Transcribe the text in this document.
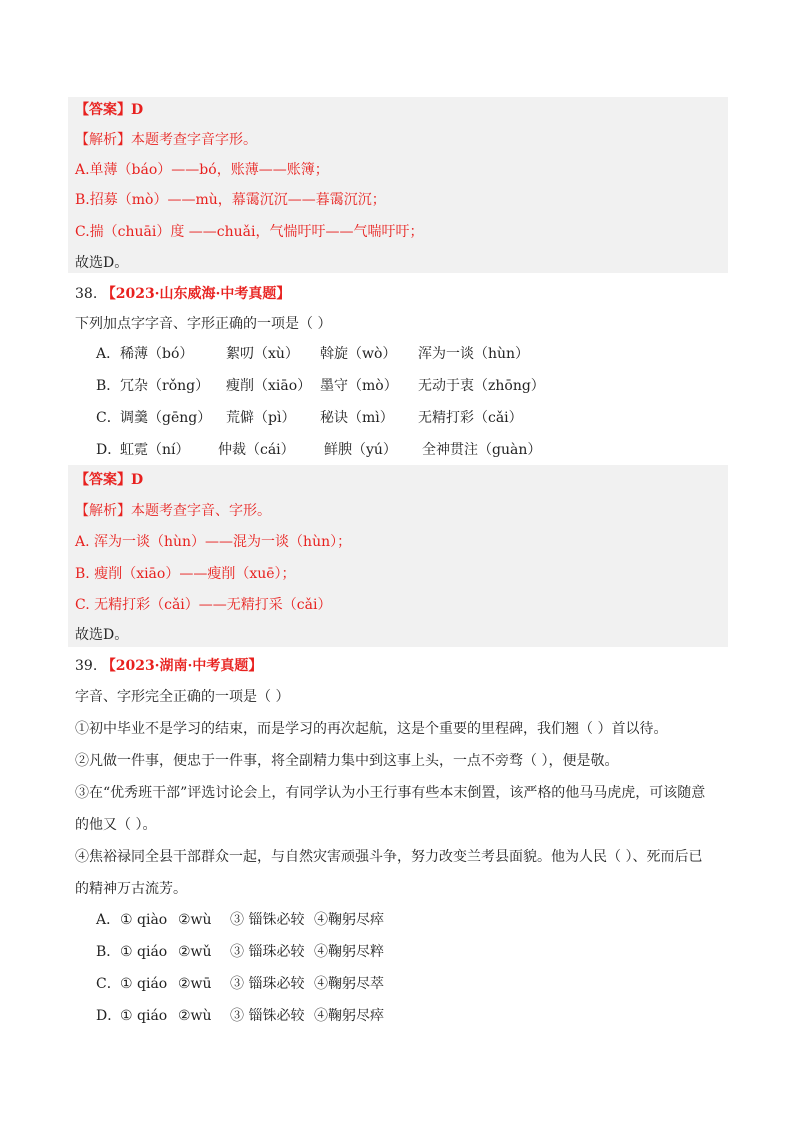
【答案】D
【解析】本题考查字音字形。
A.单薄（báo）——bó，账薄——账簿；
B.招募（mò）——mù，幕霭沉沉——暮霭沉沉；
C.揣（chuāi）度 ——chuǎi，气惴吁吁——气喘吁吁；
故选D。
38. 【2023·山东威海·中考真题】
下列加点字字音、字形正确的一项是（ ）
A． 稀薄（bó） 絮叨（xù） 斡旋（wò） 浑为一谈（hùn）
B． 冗杂（rǒng） 瘦削（xiāo） 墨守（mò） 无动于衷（zhōng）
C． 调羹（gēng） 荒僻（pì） 秘诀（mì） 无精打彩（cǎi）
D．
虹霓（ní） 仲裁（cái） 鲜腴（yú） 全神贯注（guàn）
【答案】D
【解析】本题考查字音、字形。
A. 浑为一谈（hùn）——混为一谈（hùn）；
B. 瘦削（xiāo）——瘦削（xuē）；
C. 无精打彩（cǎi）——无精打采（cǎi）
故选D。
39. 【2023·湖南·中考真题】
字音、字形完全正确的一项是（ ）
①初中毕业不是学习的结束，而是学习的再次起航，这是个重要的里程碑，我们翘（ ）首以待。
②凡做一件事，便忠于一件事，将全副精力集中到这事上头，一点不旁骛（ ），便是敬。
③在“优秀班干部”评选讨论会上，有同学认为小王行事有些本末倒置，该严格的他马马虎虎，可该随意
的他又（ ）。
④焦裕禄同全县干部群众一起，与自然灾害顽强斗争，努力改变兰考县面貌。他为人民（ ）、死而后已
的精神万古流芳。
A． ① qiào ②wù ③ 锱铢必较 ④鞠躬尽瘁
B． ① qiáo ②wǔ ③ 锱珠必较 ④鞠躬尽粹
C． ① qiáo ②wū ③ 锱珠必较 ④鞠躬尽萃
D．
① qiáo ②wù ③ 锱铢必较 ④鞠躬尽瘁
